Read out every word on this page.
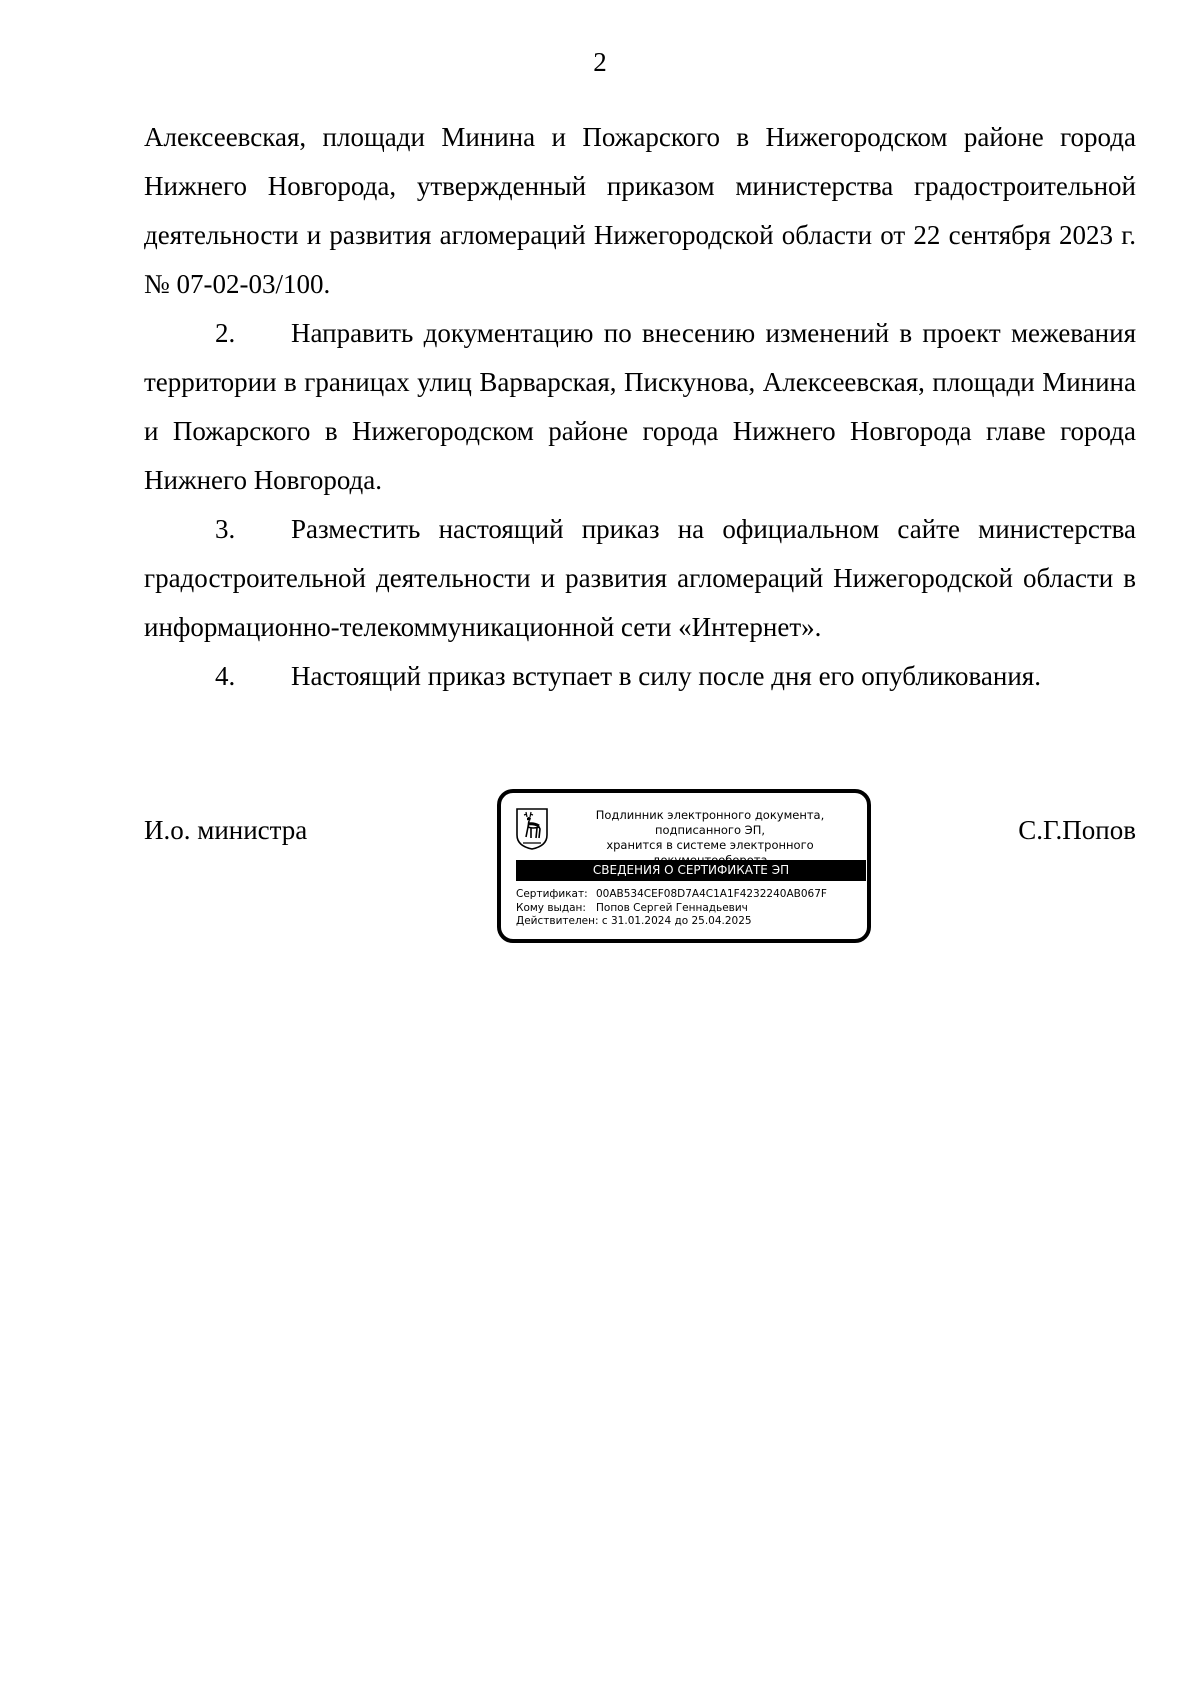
2

Алексеевская, площади Минина и Пожарского в Нижегородском районе города Нижнего Новгорода, утвержденный приказом министерства градостроительной деятельности и развития агломераций Нижегородской области от 22 сентября 2023 г. № 07-02-03/100.

2. Направить документацию по внесению изменений в проект межевания территории в границах улиц Варварская, Пискунова, Алексеевская, площади Минина и Пожарского в Нижегородском районе города Нижнего Новгорода главе города Нижнего Новгорода.

3. Разместить настоящий приказ на официальном сайте министерства градостроительной деятельности и развития агломераций Нижегородской области в информационно-телекоммуникационной сети «Интернет».

4. Настоящий приказ вступает в силу после дня его опубликования.

И.о. министра	Подлинник электронного документа, подписанного ЭП,
хранится в системе электронного
СВЕДЕНИЯ О СЕРТИФИКАТЕ ЭП
Сертификат: 00AB534CEF08D7A4C1A1F4232240AB067F
Кому выдан: Попов Сергей Геннадьевич
Действителен: с 31.01.2024 до 25.04.2025
С.Г.Попов
